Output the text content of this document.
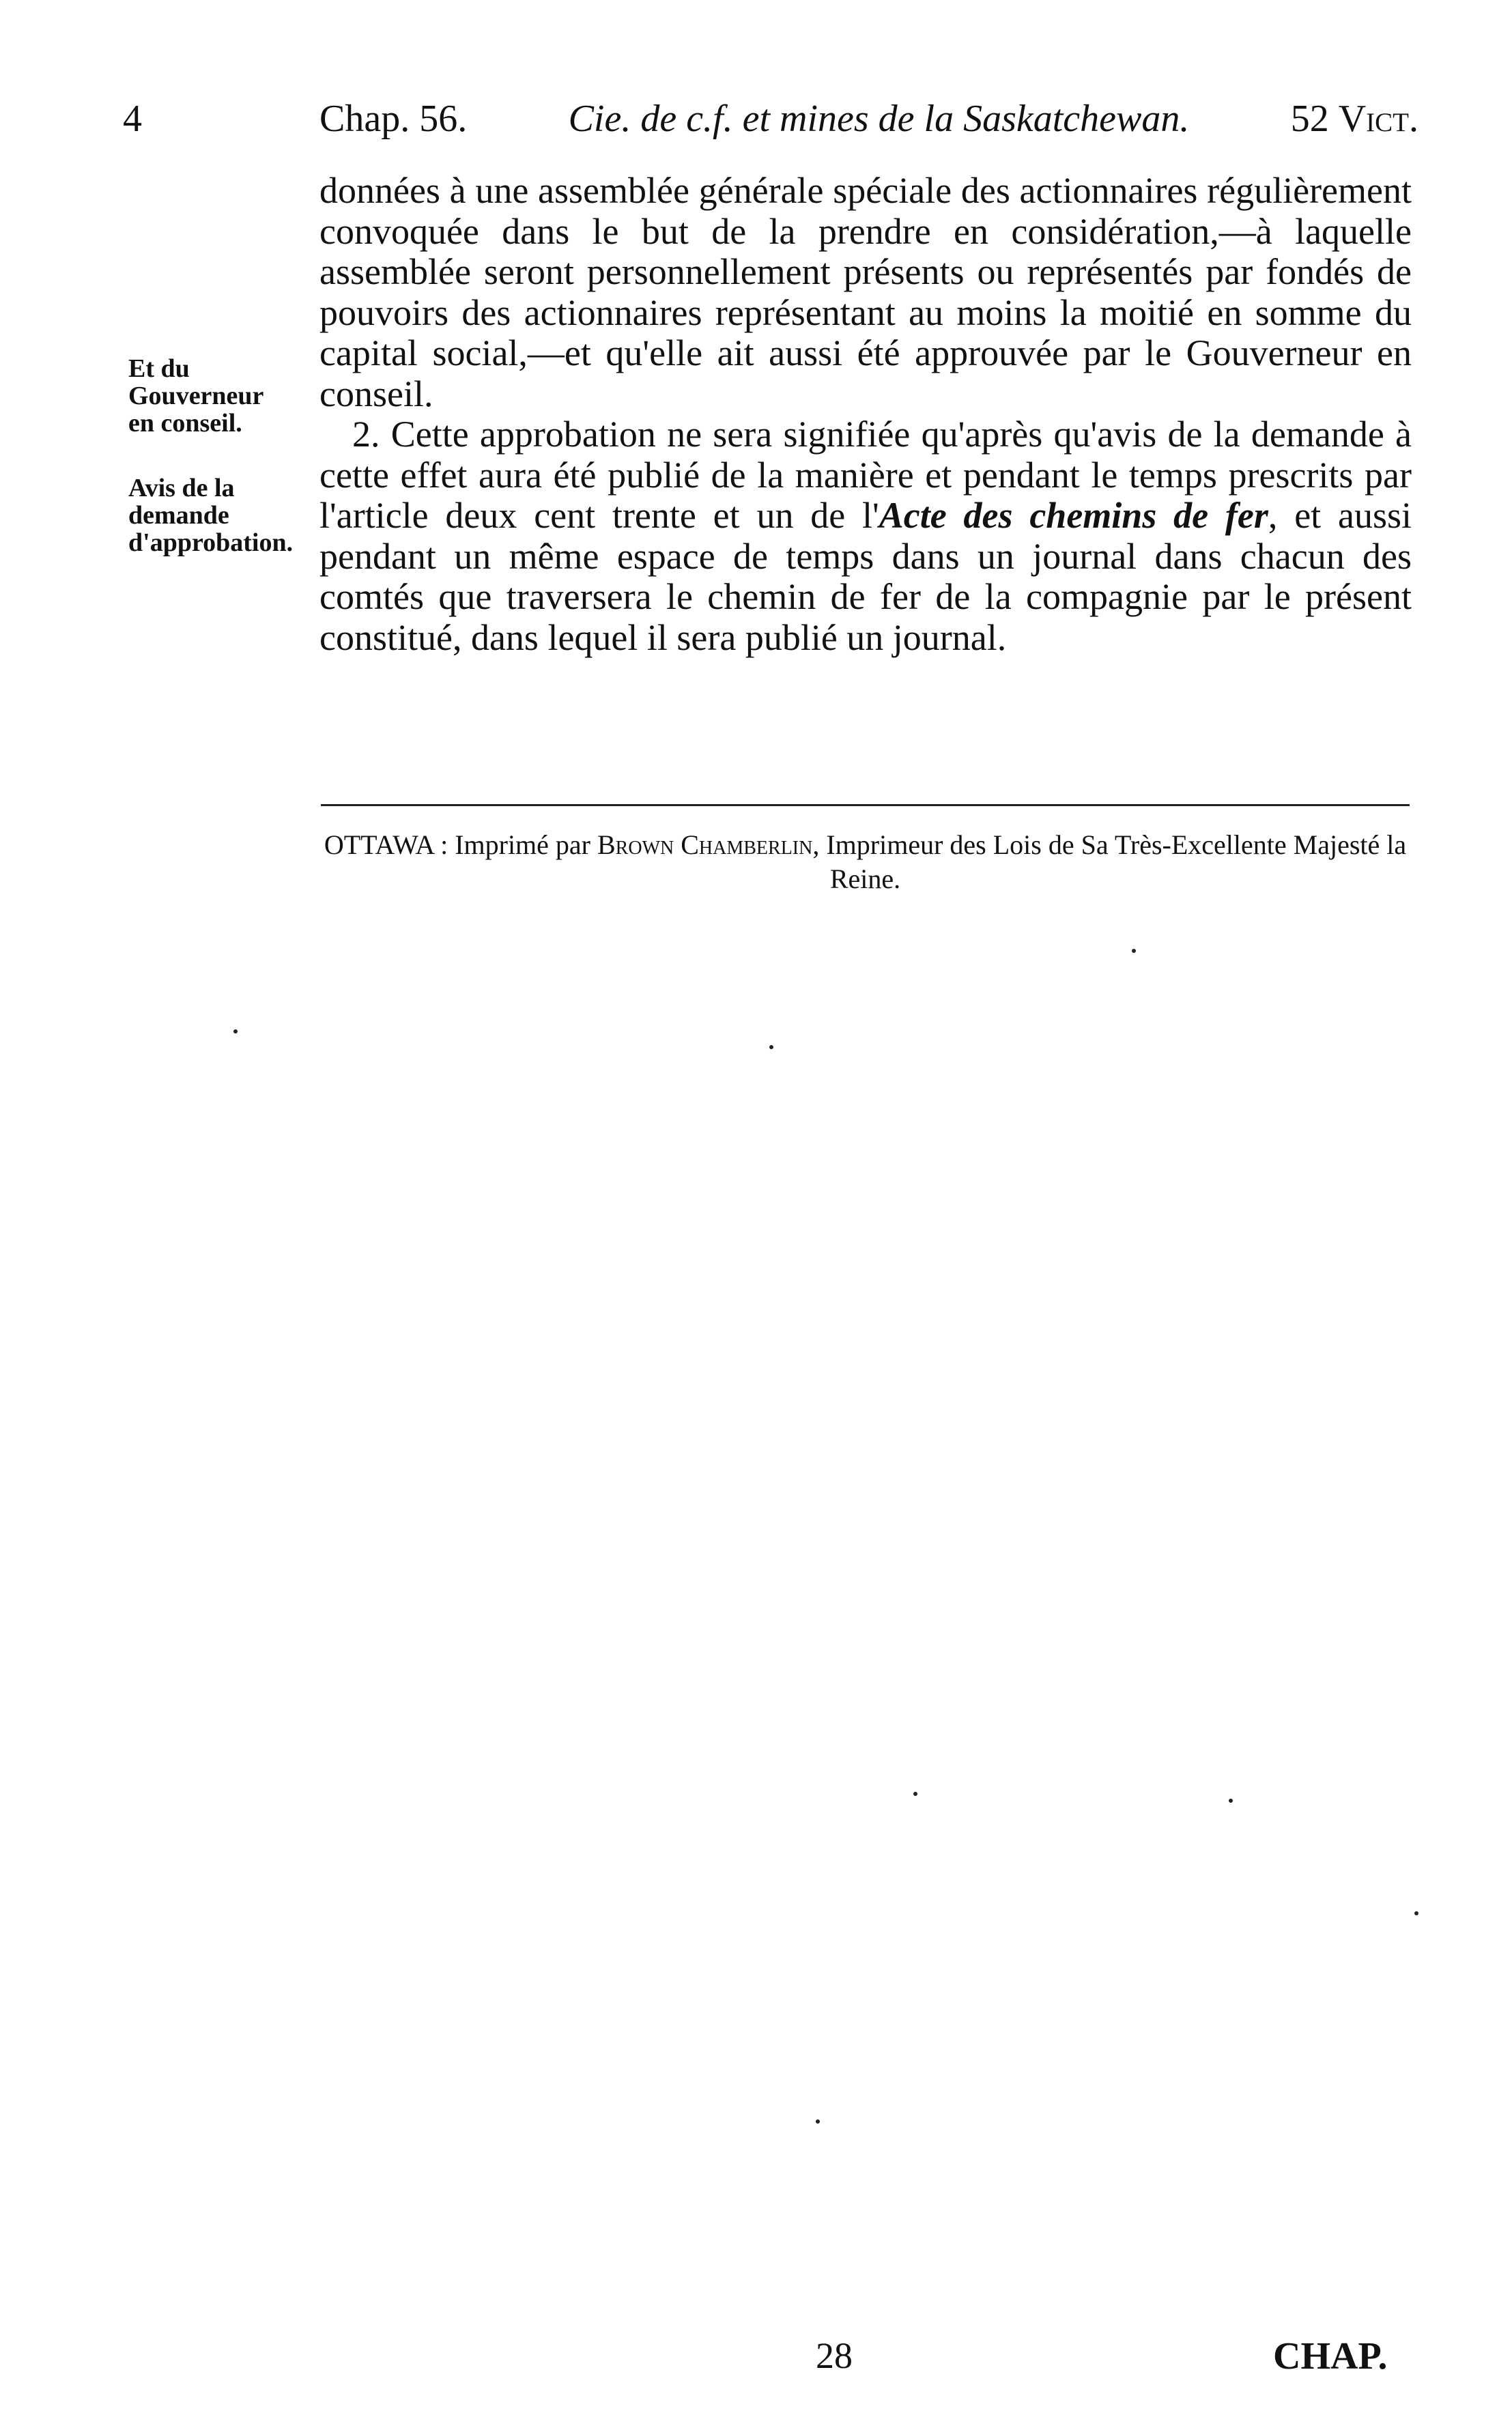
4	Chap. 56.	Cie. de c.f. et mines de la Saskatchewan.	52 Vict.
Et du Gouverneur en conseil.
Avis de la demande d'approbation.

données à une assemblée générale spéciale des actionnaires régulièrement convoquée dans le but de la prendre en considération,—à laquelle assemblée seront personnellement présents ou représentés par fondés de pouvoirs des actionnaires représentant au moins la moitié en somme du capital social,—et qu'elle ait aussi été approuvée par le Gouverneur en conseil.

2. Cette approbation ne sera signifiée qu'après qu'avis de la demande à cette effet aura été publié de la manière et pendant le temps prescrits par l'article deux cent trente et un de l'Acte des chemins de fer, et aussi pendant un même espace de temps dans un journal dans chacun des comtés que traversera le chemin de fer de la compagnie par le présent constitué, dans lequel il sera publié un journal.

OTTAWA : Imprimé par Brown Chamberlin, Imprimeur des Lois de Sa Très-Excellente Majesté la Reine.
28	CHAP.
